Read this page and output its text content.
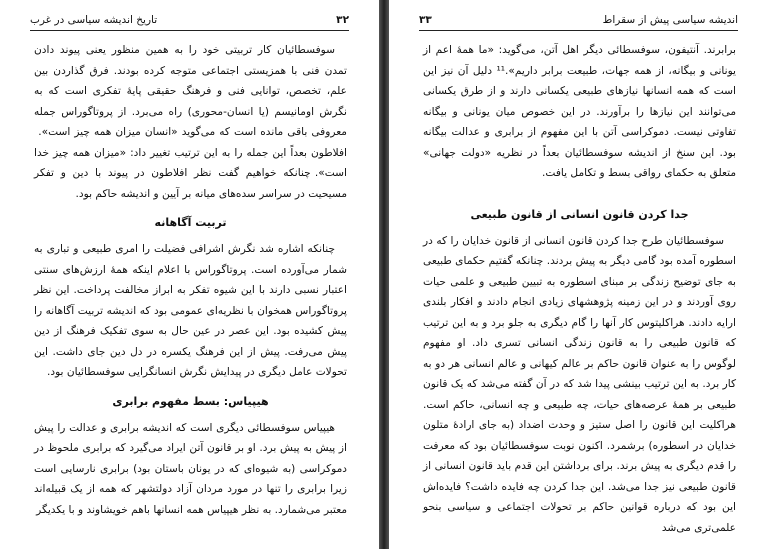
۳۲
تاریخ اندیشه سیاسی در غرب

سوفسطائیان کار تربیتی خود را به همین منظور یعنی پیوند دادن تمدن فنی با همزیستی اجتماعی متوجه کرده بودند. فرق گذاردن بین علم، تخصص، توانایی فنی و فرهنگ حقیقی پایهٔ تفکری است که به نگرش اومانیسم (یا انسان-محوری) راه می‌برد. از پروتاگوراس جمله معروفی باقی مانده است که می‌گوید «انسان میزان همه چیز است».  افلاطون بعداً این جمله را به این ترتیب تغییر داد: «میزان همه چیز خدا است».  چنانکه خواهیم گفت نظر افلاطون در پیوند با دین و تفکر مسیحیت در سراسر سده‌های میانه بر آیین و اندیشه حاکم بود.

تربیت آگاهانه

چنانکه اشاره شد نگرش اشرافی فضیلت را امری طبیعی و تباری به شمار می‌آورده است. پروتاگوراس با اعلام اینکه همهٔ ارزش‌های سنتی اعتبار نسبی دارند با این شیوه تفکر به ابراز مخالفت پرداخت. این نظر پروتاگوراس همخوان با نظریه‌ای عمومی بود که اندیشه تربیت آگاهانه را پیش کشیده بود. این عصر در عین حال به سوی تفکیک فرهنگ از دین پیش می‌رفت. پیش از این فرهنگ یکسره در دل دین جای داشت. این تحولات عامل دیگری در پیدایش نگرش انسانگرایی سوفسطائیان بود.

هیپیاس: بسط مفهوم برابری

هیپیاس سوفسطائی دیگری است که اندیشه برابری و عدالت را پیش از پیش به پیش برد. او بر قانون آتن ایراد می‌گیرد که برابری ملحوظ در دموکراسی (به شیوه‌ای که در یونان باستان بود) برابری نارسایی است زیرا برابری را تنها در مورد مردان آزاد دولتشهر که همه از یک قبیله‌اند معتبر می‌شمارد. به نظر هیپیاس همه انسانها باهم خویشاوند و با یکدیگر

اندیشه سیاسی پیش از سقراط
۳۳

برابرند. آنتیفون، سوفسطائی دیگر اهل آتن، می‌گوید: «ما همهٔ اعم از یونانی و بیگانه، از همه جهات، طبیعت برابر داریم».¹¹ دلیل آن نیز این است که همه انسانها نیازهای طبیعی یکسانی دارند و از طرق یکسانی می‌توانند این نیازها را برآورند. در این خصوص میان یونانی و بیگانه تفاوتی نیست. دموکراسی آتن با این مفهوم از برابری و عدالت بیگانه بود. این سنخ از اندیشه سوفسطائیان بعداً در نظریه «دولت جهانی» متعلق به حکمای رواقی بسط و تکامل یافت.

جدا کردن قانون انسانی از قانون طبیعی

سوفسطائیان طرح جدا کردن قانون انسانی از قانون خدایان را که در اسطوره آمده بود گامی دیگر به پیش بردند. چنانکه گفتیم حکمای طبیعی به جای توضیح زندگی بر مبنای اسطوره به تبیین طبیعی و علمی حیات روی آوردند و در این زمینه پژوهشهای زیادی انجام دادند و افکار بلندی ارایه دادند. هراکلیتوس کار آنها را گام دیگری به جلو برد و به این ترتیب که قانون طبیعی را به قانون زندگی انسانی تسری داد. او مفهوم لوگوس را به عنوان قانون حاکم بر عالم کیهانی و عالم انسانی هر دو به کار برد. به این ترتیب بینشی پیدا شد که در آن گفته می‌شد که یک قانون طبیعی بر همهٔ عرصه‌های حیات، چه طبیعی و چه انسانی، حاکم است. هراکلیت این قانون را اصل ستیز و وحدت اضداد (به جای ارادهٔ متلون خدایان در اسطوره) برشمرد. اکنون نوبت سوفسطائیان بود که معرفت را قدم دیگری به پیش برند. برای برداشتن این قدم باید قانون انسانی از قانون طبیعی نیز جدا می‌شد. این جدا کردن چه فایده داشت؟ فایده‌اش این بود که درباره قوانین حاکم بر تحولات اجتماعی و سیاسی بنحو علمی‌تری می‌شد
